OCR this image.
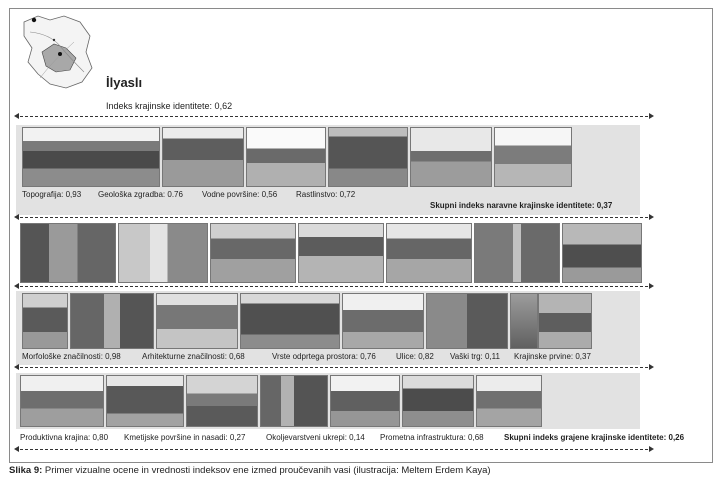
İlyaslı
Indeks krajinske identitete: 0,62
Topografija: 0,93 Geološka zgradba: 0.76 Vodne površine: 0,56 Rastlinstvo: 0,72
Skupni indeks naravne krajinske identitete: 0,37
Morfološke značilnosti: 0,98	Arhitekturne značilnosti: 0,68	Vrste odprtega prostora: 0,76	Ulice: 0,82 Vaški trg: 0,11 Krajinske prvine: 0,37
Produktivna krajina: 0,80 Kmetijske površine in nasadi: 0,27	Okoljevarstveni ukrepi: 0,14 Prometna infrastruktura: 0,68	Skupni indeks grajene krajinske identitete: 0,26
Slika 9: Primer vizualne ocene in vrednosti indeksov ene izmed proučevanih vasi (ilustracija: Meltem Erdem Kaya)
